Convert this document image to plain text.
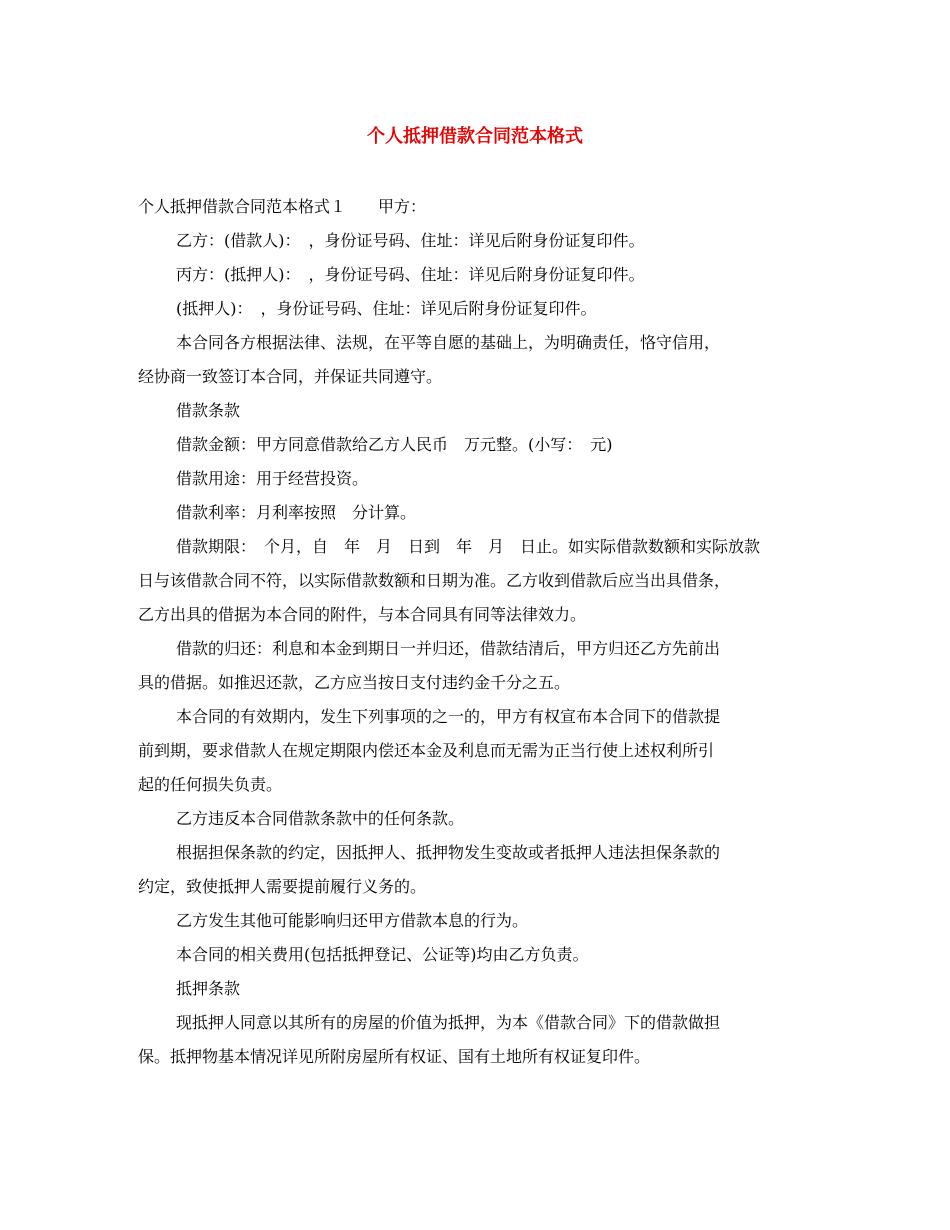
个人抵押借款合同范本格式
个人抵押借款合同范本格式１　　甲方：
乙方：(借款人)：　，身份证号码、住址：详见后附身份证复印件。
丙方：(抵押人)：　，身份证号码、住址：详见后附身份证复印件。
(抵押人)：　，身份证号码、住址：详见后附身份证复印件。
本合同各方根据法律、法规，在平等自愿的基础上，为明确责任，恪守信用，
经协商一致签订本合同，并保证共同遵守。
借款条款
借款金额：甲方同意借款给乙方人民币　万元整。(小写：　元)
借款用途：用于经营投资。
借款利率：月利率按照　分计算。
借款期限：　个月，自　年　月　日到　年　月　日止。如实际借款数额和实际放款
日与该借款合同不符，以实际借款数额和日期为准。乙方收到借款后应当出具借条，
乙方出具的借据为本合同的附件，与本合同具有同等法律效力。
借款的归还：利息和本金到期日一并归还，借款结清后，甲方归还乙方先前出
具的借据。如推迟还款，乙方应当按日支付违约金千分之五。
本合同的有效期内，发生下列事项的之一的，甲方有权宣布本合同下的借款提
前到期，要求借款人在规定期限内偿还本金及利息而无需为正当行使上述权利所引
起的任何损失负责。
乙方违反本合同借款条款中的任何条款。
根据担保条款的约定，因抵押人、抵押物发生变故或者抵押人违法担保条款的
约定，致使抵押人需要提前履行义务的。
乙方发生其他可能影响归还甲方借款本息的行为。
本合同的相关费用(包括抵押登记、公证等)均由乙方负责。
抵押条款
现抵押人同意以其所有的房屋的价值为抵押，为本《借款合同》下的借款做担
保。抵押物基本情况详见所附房屋所有权证、国有土地所有权证复印件。
